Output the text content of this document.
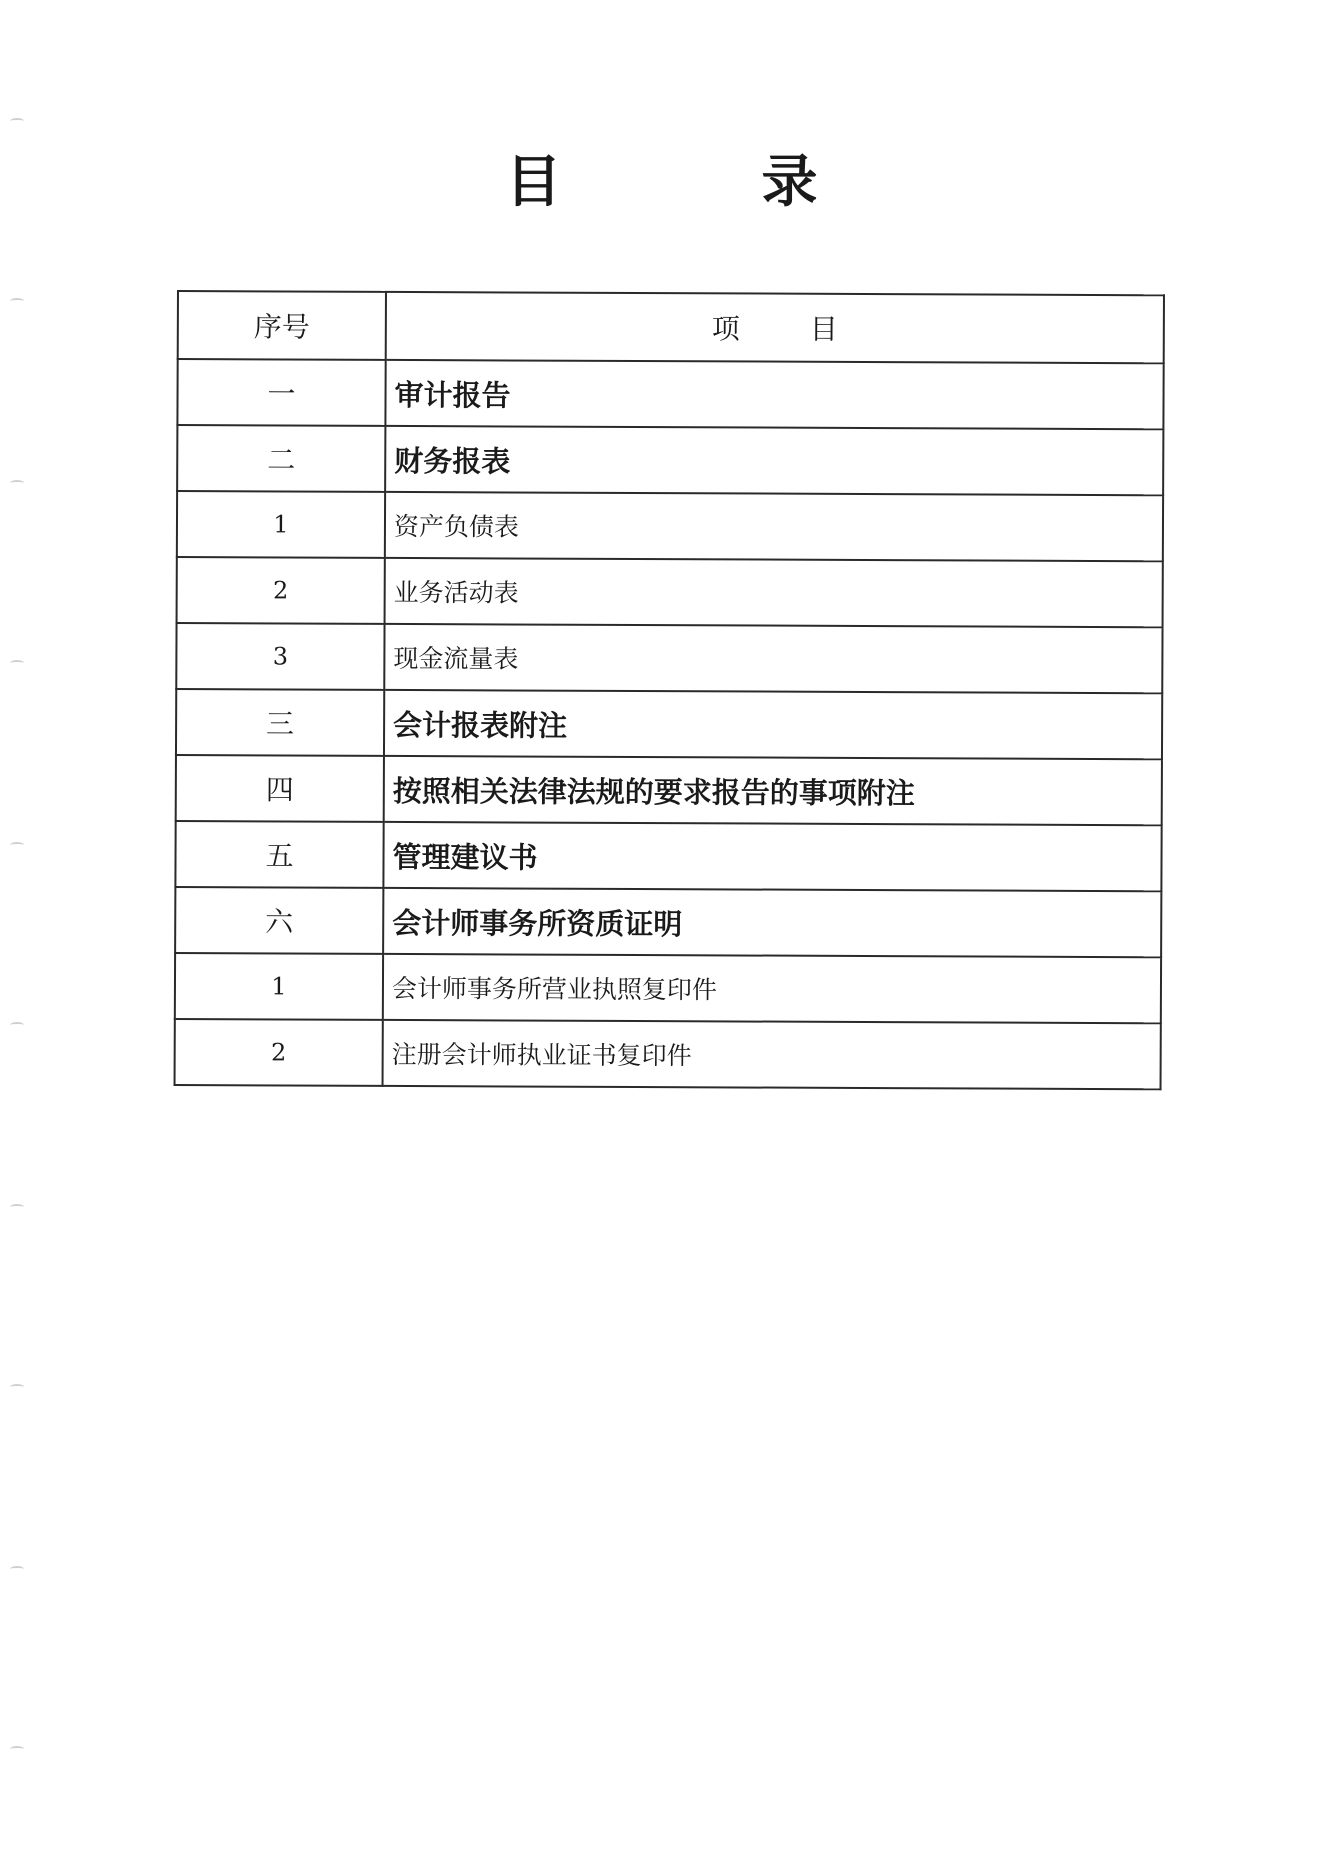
目	录
序号	项 目
一	审计报告
二	财务报表
1	资产负债表
2	业务活动表
3	现金流量表
三	会计报表附注
四	按照相关法律法规的要求报告的事项附注
五	管理建议书
六	会计师事务所资质证明
1	会计师事务所营业执照复印件
2	注册会计师执业证书复印件
